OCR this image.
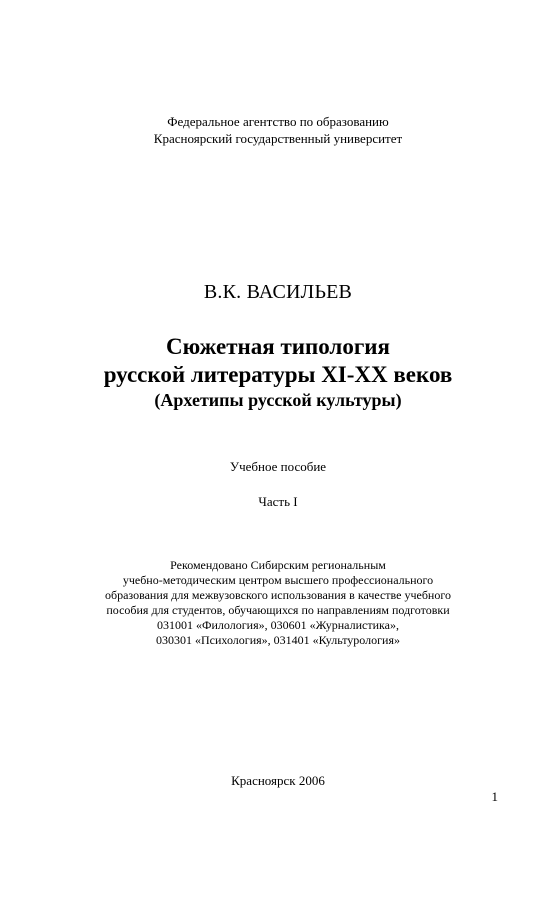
Федеральное агентство по образованию
Красноярский государственный университет
В.К. ВАСИЛЬЕВ
Сюжетная типология
русской литературы XI-XX веков
(Архетипы русской культуры)
Учебное пособие
Часть I
Рекомендовано Сибирским региональным
учебно-методическим центром высшего профессионального
образования для межвузовского использования в качестве учебного
пособия для студентов, обучающихся по направлениям подготовки
031001 «Филология», 030601 «Журналистика»,
030301 «Психология», 031401 «Культурология»
Красноярск 2006
1
